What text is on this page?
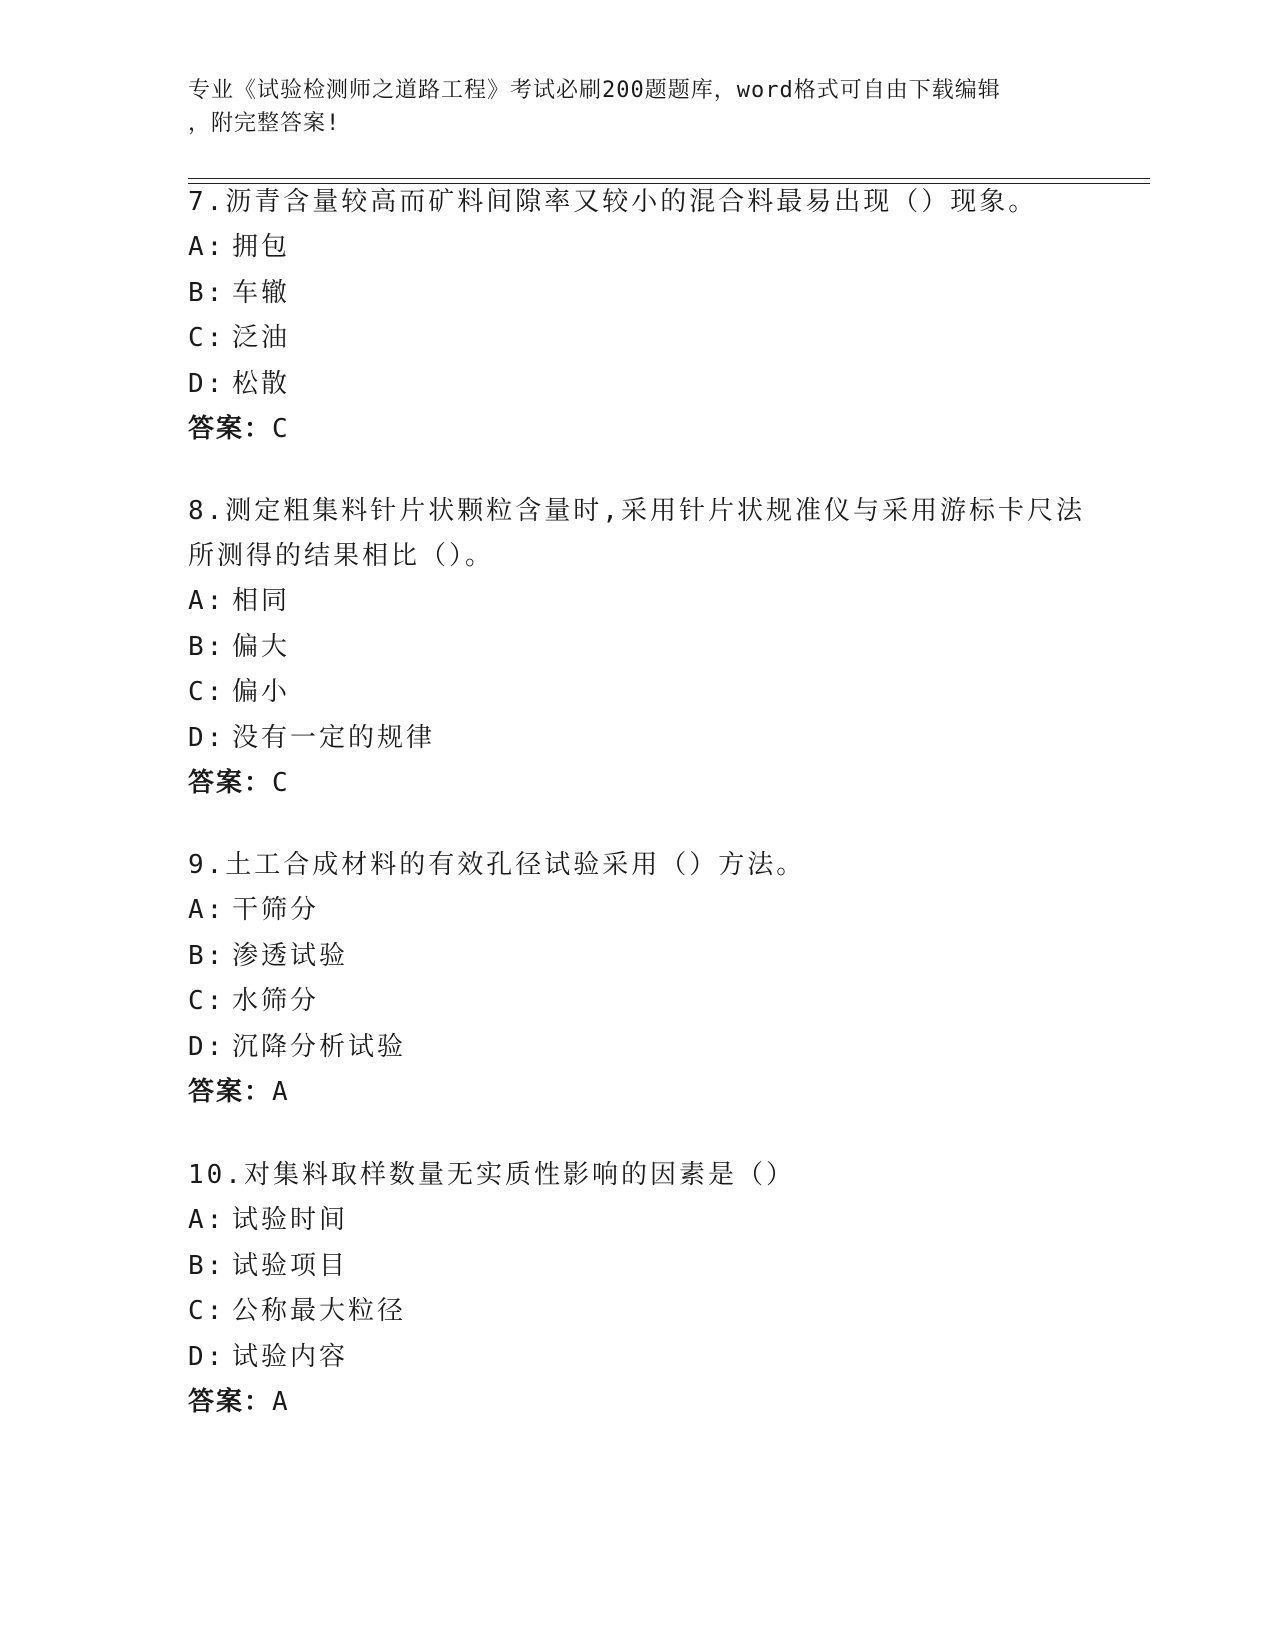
专业《试验检测师之道路工程》考试必刷200题题库，word格式可自由下载编辑
，附完整答案!

7.沥青含量较高而矿料间隙率又较小的混合料最易出现（）现象。

A: 拥包

B: 车辙

C: 泛油

D: 松散

答案：C

8.测定粗集料针片状颗粒含量时,采用针片状规准仪与采用游标卡尺法

所测得的结果相比（）。

A: 相同

B: 偏大

C: 偏小

D: 没有一定的规律

答案：C

9.土工合成材料的有效孔径试验采用（）方法。

A: 干筛分

B: 渗透试验

C: 水筛分

D: 沉降分析试验

答案：A

10.对集料取样数量无实质性影响的因素是（）

A: 试验时间

B: 试验项目

C: 公称最大粒径

D: 试验内容

答案：A
